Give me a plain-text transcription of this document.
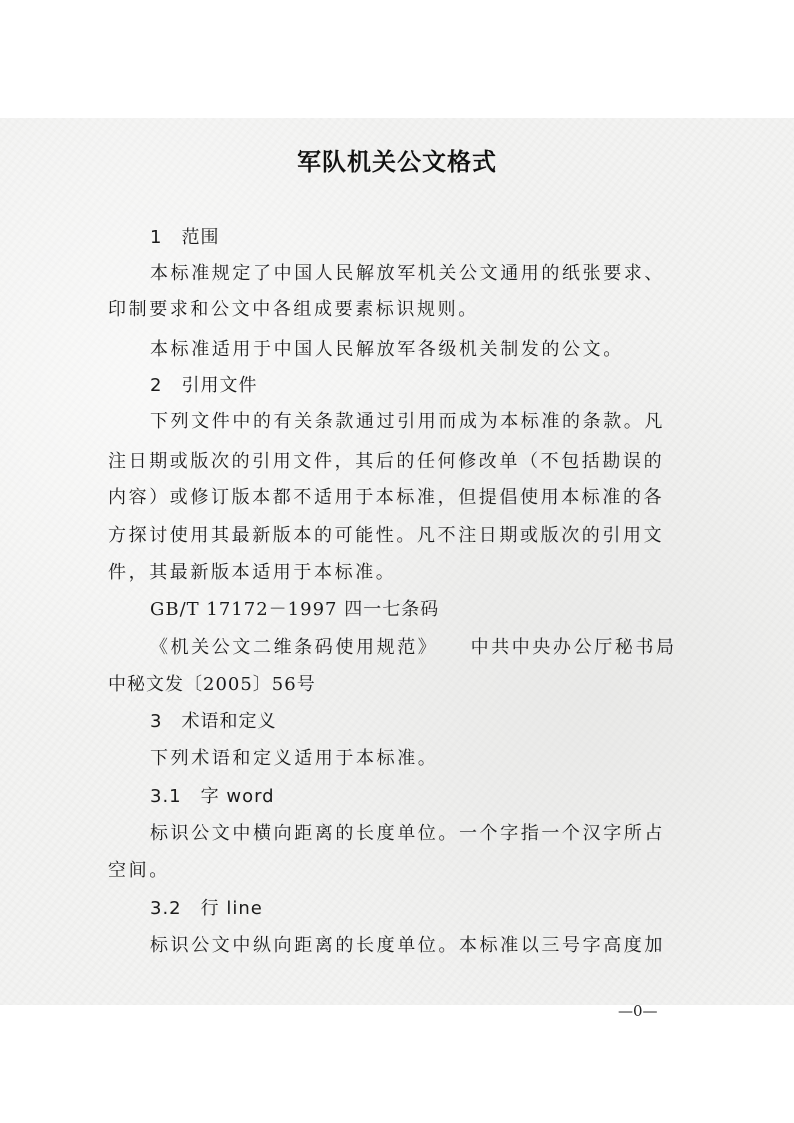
军队机关公文格式
1　范围
本标准规定了中国人民解放军机关公文通用的纸张要求、
印制要求和公文中各组成要素标识规则。
本标准适用于中国人民解放军各级机关制发的公文。
2　引用文件
下列文件中的有关条款通过引用而成为本标准的条款。凡
注日期或版次的引用文件，其后的任何修改单（不包括勘误的
内容）或修订版本都不适用于本标准，但提倡使用本标准的各
方探讨使用其最新版本的可能性。凡不注日期或版次的引用文
件，其最新版本适用于本标准。
GB/T 17172－1997 四一七条码
《机关公文二维条码使用规范》　　中共中央办公厅秘书局
中秘文发〔2005〕56号
3　术语和定义
下列术语和定义适用于本标准。
3.1　字 word
标识公文中横向距离的长度单位。一个字指一个汉字所占
空间。
3.2　行 line
标识公文中纵向距离的长度单位。本标准以三号字高度加
—0—
